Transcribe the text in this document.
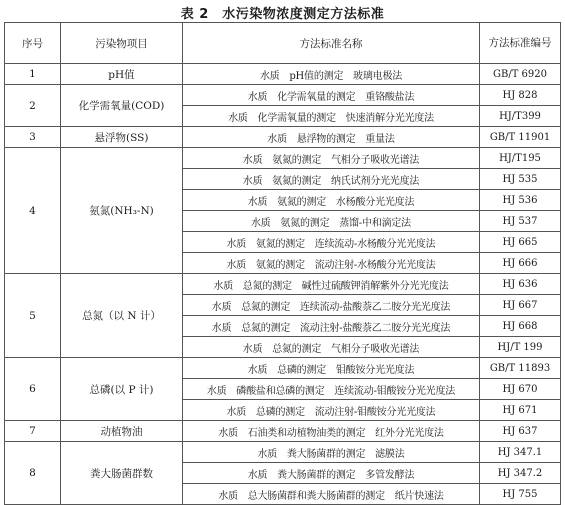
表 2　水污染物浓度测定方法标准
序号	污染物项目	方法标准名称	方法标准编号
1	pH值	水质　pH值的测定　玻璃电极法	GB/T 6920
2	化学需氧量(COD)	水质　化学需氧量的测定　重铬酸盐法	HJ 828
		水质　化学需氧量的测定　快速消解分光光度法	HJ/T399
3	悬浮物(SS)	水质　悬浮物的测定　重量法	GB/T 11901
4	氨氮(NH₃-N)	水质　氨氮的测定　气相分子吸收光谱法	HJ/T195
		水质　氨氮的测定　纳氏试剂分光光度法	HJ 535
		水质　氨氮的测定　水杨酸分光光度法	HJ 536
		水质　氨氮的测定　蒸馏-中和滴定法	HJ 537
		水质　氨氮的测定　连续流动-水杨酸分光光度法	HJ 665
		水质　氨氮的测定　流动注射-水杨酸分光光度法	HJ 666
5	总氮（以 N 计）	水质　总氮的测定　碱性过硫酸钾消解紫外分光光度法	HJ 636
		水质　总氮的测定　连续流动-盐酸萘乙二胺分光光度法	HJ 667
		水质　总氮的测定　流动注射-盐酸萘乙二胺分光光度法	HJ 668
		水质　总氮的测定　气相分子吸收光谱法	HJ/T 199
6	总磷(以 P 计)	水质　总磷的测定　钼酸铵分光光度法	GB/T 11893
		水质　磷酸盐和总磷的测定　连续流动-钼酸铵分光光度法	HJ 670
		水质　总磷的测定　流动注射-钼酸铵分光光度法	HJ 671
7	动植物油	水质　石油类和动植物油类的测定　红外分光光度法	HJ 637
8	粪大肠菌群数	水质　粪大肠菌群的测定　滤膜法	HJ 347.1
		水质　粪大肠菌群的测定　多管发酵法	HJ 347.2
		水质　总大肠菌群和粪大肠菌群的测定　纸片快速法	HJ 755
